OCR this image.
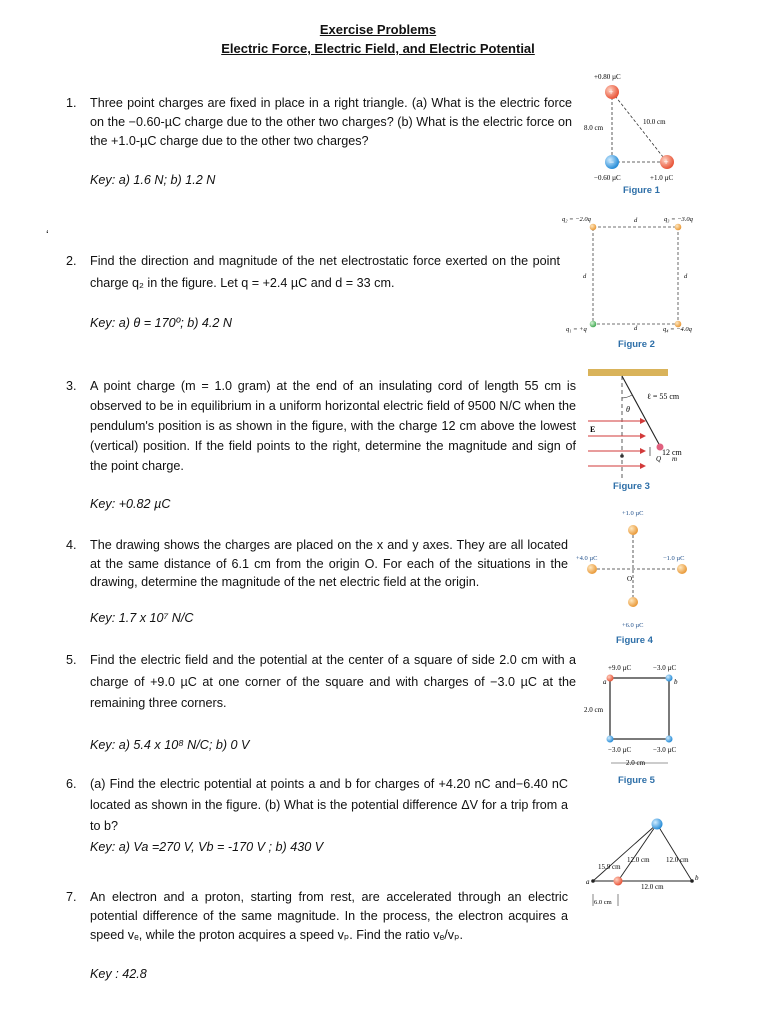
Exercise Problems
Electric Force, Electric Field, and Electric Potential
ʻ
1. Three point charges are fixed in place in a right triangle. (a) What is the electric force on the −0.60-µC charge due to the other two charges? (b) What is the electric force on the +1.0-µC charge due to the other two charges?
Key: a) 1.6 N; b) 1.2 N
2. Find the direction and magnitude of the net electrostatic force exerted on the point charge q₂ in the figure. Let q = +2.4 µC and d = 33 cm.
Key: a) θ = 170º; b) 4.2 N
3. A point charge (m = 1.0 gram) at the end of an insulating cord of length 55 cm is observed to be in equilibrium in a uniform horizontal electric field of 9500 N/C when the pendulum's position is as shown in the figure, with the charge 12 cm above the lowest (vertical) position. If the field points to the right, determine the magnitude and sign of the point charge.
Key: +0.82 µC
4. The drawing shows the charges are placed on the x and y axes. They are all located at the same distance of 6.1 cm from the origin O. For each of the situations in the drawing, determine the magnitude of the net electric field at the origin.
Key: 1.7 x 10⁷ N/C
5. Find the electric field and the potential at the center of a square of side 2.0 cm with a charge of +9.0 µC at one corner of the square and with charges of −3.0 µC at the remaining three corners.
Key: a) 5.4 x 10⁸ N/C; b) 0 V
6. (a) Find the electric potential at points a and b for charges of +4.20 nC and−6.40 nC located as shown in the figure. (b) What is the potential difference ΔV for a trip from a to b?
Key: a) Va =270 V, Vb = -170 V ; b) 430 V
7. An electron and a proton, starting from rest, are accelerated through an electric potential difference of the same magnitude. In the process, the electron acquires a speed vₑ, while the proton acquires a speed vₚ. Find the ratio vₑ/vₚ.
Key : 42.8
+0.80 µC
+
−	+
8.0 cm
10.0 cm
−0.60 µC	+1.0 µC
Figure 1
q₂ = −2.0q	q₃ = −3.0q
q₁ = +q	q₄ = −4.0q
d
d
d	d
Figure 2
θ
ℓ = 55 cm
E⃗
Q m
12 cm
Figure 3
+1.0 µC
+4.0 µC	−1.0 µC
O
+6.0 µC
Figure 4
+9.0 µC	−3.0 µC
a	b
2.0 cm
−3.0 µC	−3.0 µC
2.0 cm
Figure 5
a	b
12.0 cm 12.0 cm
15.9 cm
12.0 cm
6.0 cm
